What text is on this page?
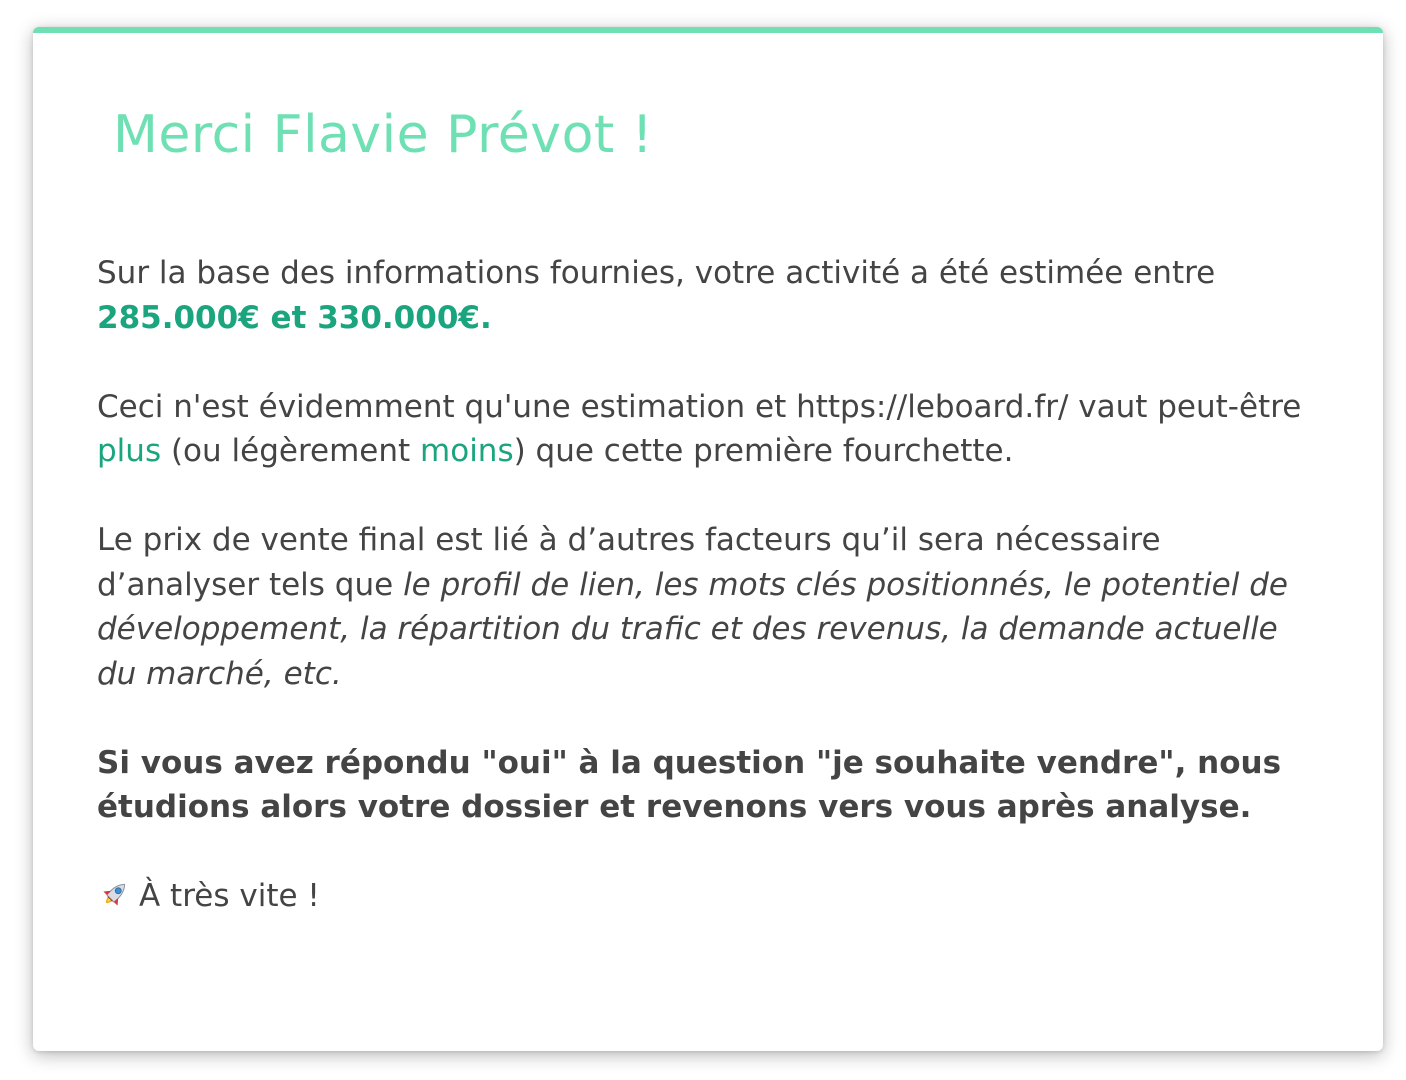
Merci Flavie Prévot !

Sur la base des informations fournies, votre activité a été estimée entre
285.000€ et 330.000€.

Ceci n'est évidemment qu'une estimation et https://leboard.fr/ vaut peut-être plus (ou légèrement moins) que cette première fourchette.

Le prix de vente final est lié à d’autres facteurs qu’il sera nécessaire d’analyser tels que le profil de lien, les mots clés positionnés, le potentiel de développement, la répartition du trafic et des revenus, la demande actuelle du marché, etc.

Si vous avez répondu "oui" à la question "je souhaite vendre", nous étudions alors votre dossier et revenons vers vous après analyse.

À très vite !
